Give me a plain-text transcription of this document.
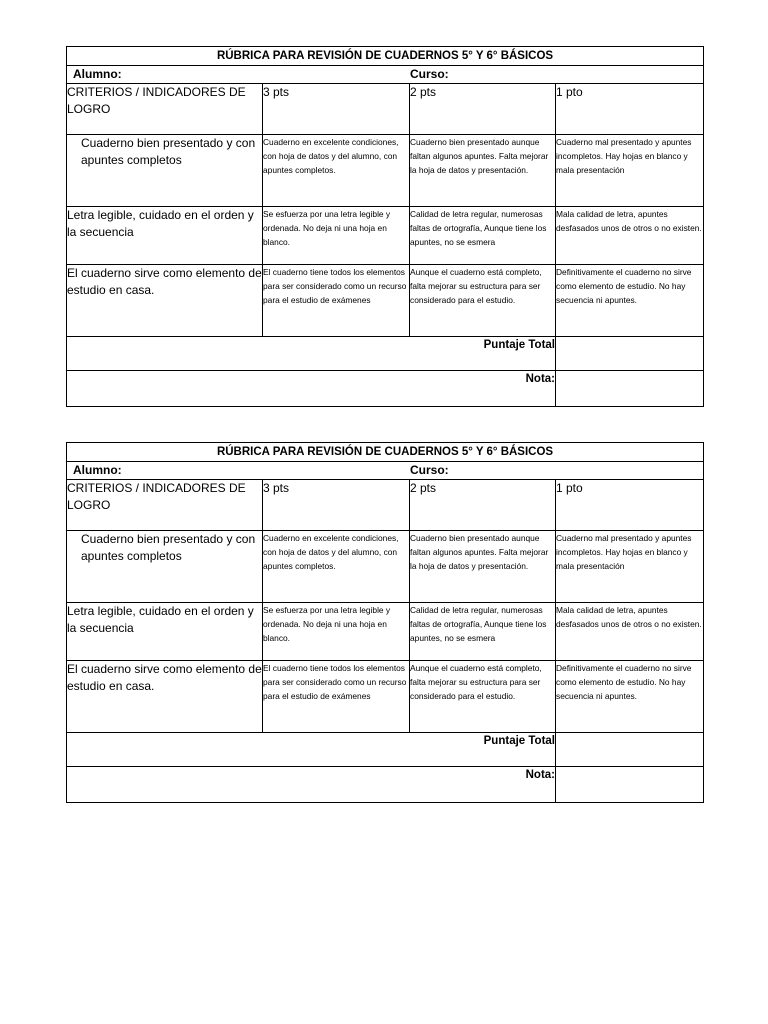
RÚBRICA PARA REVISIÓN DE CUADERNOS 5° Y 6° BÁSICOS			

Alumno: Curso:			

CRITERIOS / INDICADORES DE LOGRO	3 pts	2 pts	1 pto
Cuaderno bien presentado y con apuntes completos	Cuaderno en excelente condiciones, con hoja de datos y del alumno, con apuntes completos.	Cuaderno bien presentado aunque faltan algunos apuntes. Falta mejorar la hoja de datos y presentación.	Cuaderno mal presentado y apuntes incompletos. Hay hojas en blanco y mala presentación
Letra legible, cuidado en el orden y la secuencia	Se esfuerza por una letra legible y ordenada. No deja ni una hoja en blanco.	Calidad de letra regular, numerosas faltas de ortografía, Aunque tiene los apuntes, no se esmera	Mala calidad de letra, apuntes desfasados unos de otros o no existen.
El cuaderno sirve como elemento de estudio en casa.	El cuaderno tiene todos los elementos para ser considerado como un recurso para el estudio de exámenes	Aunque el cuaderno está completo, falta mejorar su estructura para ser considerado para el estudio.	Definitivamente el cuaderno no sirve como elemento de estudio. No hay secuencia ni apuntes.
Puntaje Total			
Nota:			
RÚBRICA PARA REVISIÓN DE CUADERNOS 5° Y 6° BÁSICOS			

Alumno: Curso:			

CRITERIOS / INDICADORES DE LOGRO	3 pts	2 pts	1 pto
Cuaderno bien presentado y con apuntes completos	Cuaderno en excelente condiciones, con hoja de datos y del alumno, con apuntes completos.	Cuaderno bien presentado aunque faltan algunos apuntes. Falta mejorar la hoja de datos y presentación.	Cuaderno mal presentado y apuntes incompletos. Hay hojas en blanco y mala presentación
Letra legible, cuidado en el orden y la secuencia	Se esfuerza por una letra legible y ordenada. No deja ni una hoja en blanco.	Calidad de letra regular, numerosas faltas de ortografía, Aunque tiene los apuntes, no se esmera	Mala calidad de letra, apuntes desfasados unos de otros o no existen.
El cuaderno sirve como elemento de estudio en casa.	El cuaderno tiene todos los elementos para ser considerado como un recurso para el estudio de exámenes	Aunque el cuaderno está completo, falta mejorar su estructura para ser considerado para el estudio.	Definitivamente el cuaderno no sirve como elemento de estudio. No hay secuencia ni apuntes.
Puntaje Total			
Nota:			
